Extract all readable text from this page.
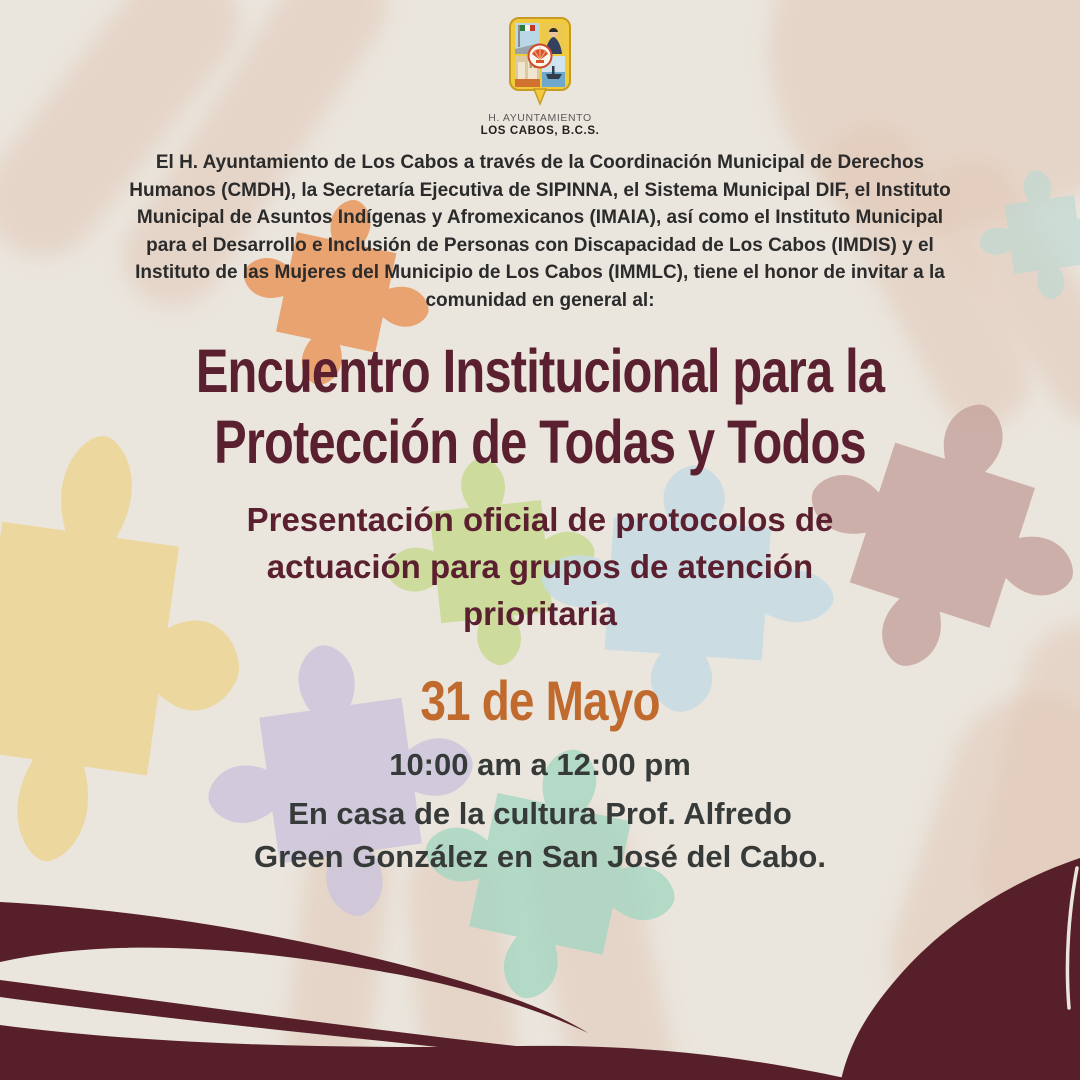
H. AYUNTAMIENTO
LOS CABOS, B.C.S.
El H. Ayuntamiento de Los Cabos a través de la Coordinación Municipal de Derechos
Humanos (CMDH), la Secretaría Ejecutiva de SIPINNA, el Sistema Municipal DIF, el Instituto
Municipal de Asuntos Indígenas y Afromexicanos (IMAIA), así como el Instituto Municipal
para el Desarrollo e Inclusión de Personas con Discapacidad de Los Cabos (IMDIS) y el
Instituto de las Mujeres del Municipio de Los Cabos (IMMLC), tiene el honor de invitar a la
comunidad en general al:
Encuentro Institucional para la
Protección de Todas y Todos
Presentación oficial de protocolos de
actuación para grupos de atención
prioritaria
31 de Mayo
10:00 am a 12:00 pm
En casa de la cultura Prof. Alfredo
Green González en San José del Cabo.
